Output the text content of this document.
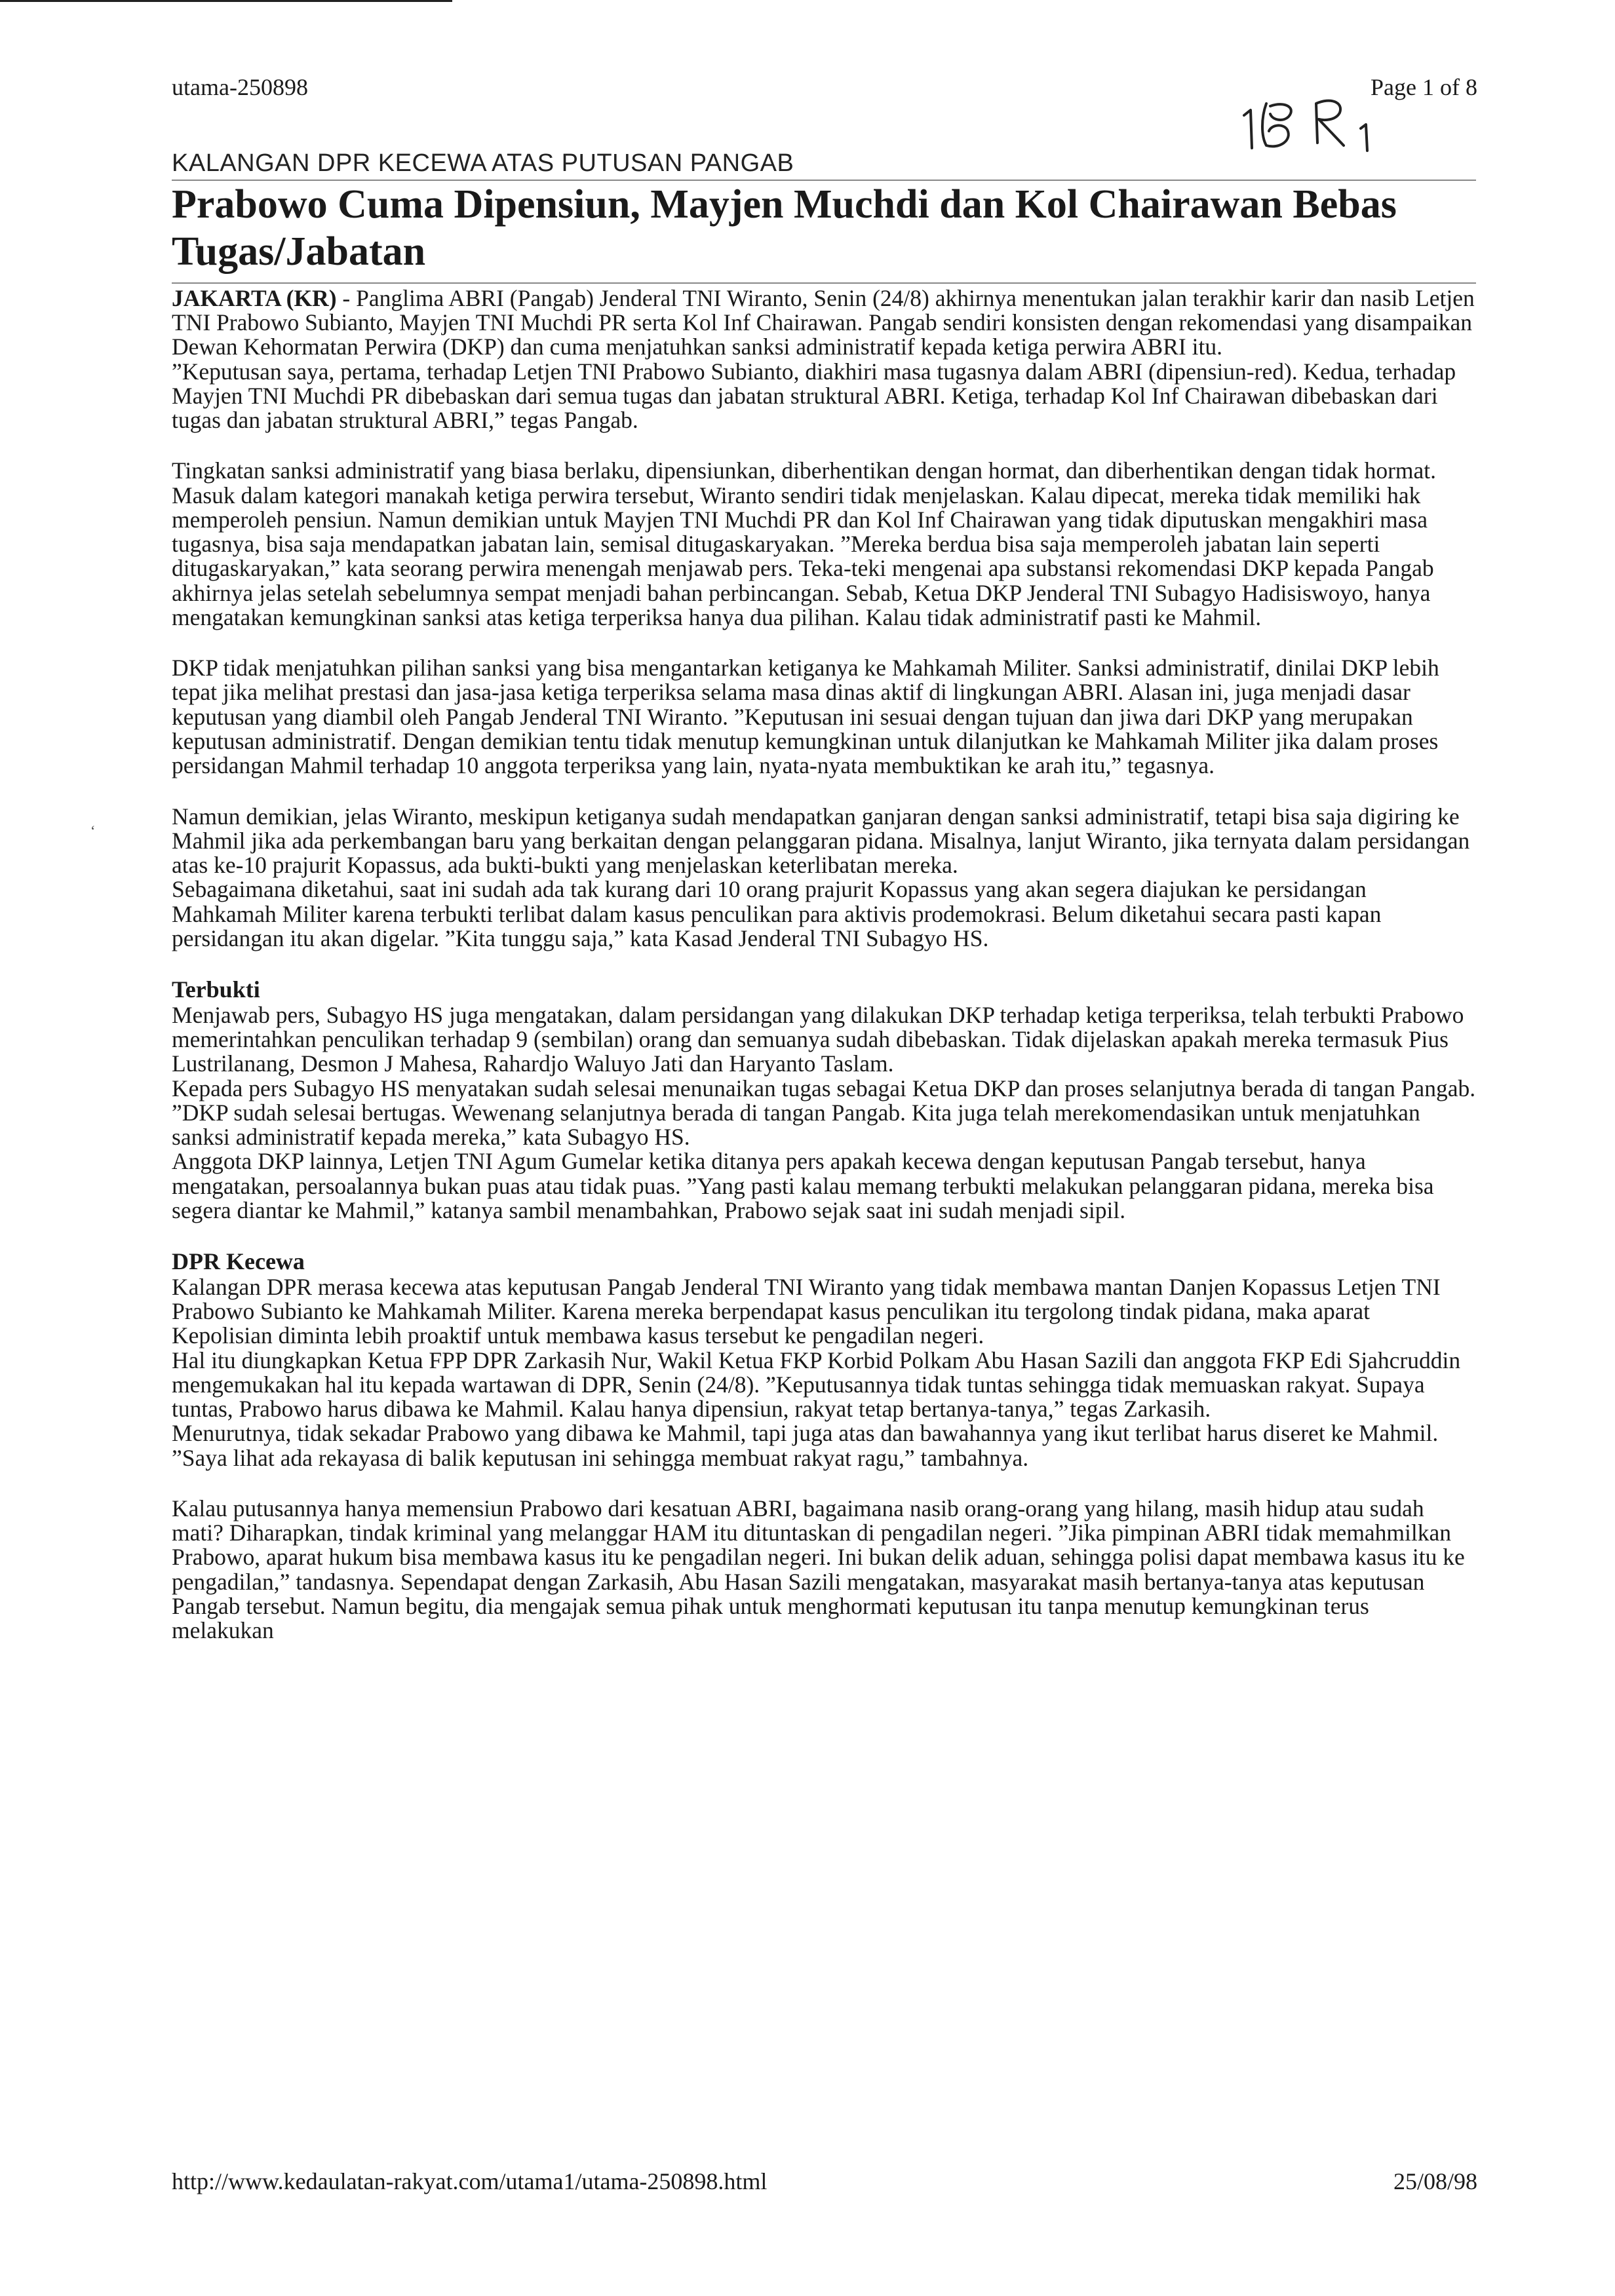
‘
utama-250898	Page 1 of 8
KALANGAN DPR KECEWA ATAS PUTUSAN PANGAB
Prabowo Cuma Dipensiun, Mayjen Muchdi dan Kol Chairawan Bebas Tugas/Jabatan

JAKARTA (KR) - Panglima ABRI (Pangab) Jenderal TNI Wiranto, Senin (24/8) akhirnya menentukan jalan terakhir karir dan nasib Letjen TNI Prabowo Subianto, Mayjen TNI Muchdi PR serta Kol Inf Chairawan. Pangab sendiri konsisten dengan rekomendasi yang disampaikan Dewan Kehormatan Perwira (DKP) dan cuma menjatuhkan sanksi administratif kepada ketiga perwira ABRI itu.

”Keputusan saya, pertama, terhadap Letjen TNI Prabowo Subianto, diakhiri masa tugasnya dalam ABRI (dipensiun-red). Kedua, terhadap Mayjen TNI Muchdi PR dibebaskan dari semua tugas dan jabatan struktural ABRI. Ketiga, terhadap Kol Inf Chairawan dibebaskan dari tugas dan jabatan struktural ABRI,” tegas Pangab.

Tingkatan sanksi administratif yang biasa berlaku, dipensiunkan, diberhentikan dengan hormat, dan diberhentikan dengan tidak hormat. Masuk dalam kategori manakah ketiga perwira tersebut, Wiranto sendiri tidak menjelaskan. Kalau dipecat, mereka tidak memiliki hak memperoleh pensiun. Namun demikian untuk Mayjen TNI Muchdi PR dan Kol Inf Chairawan yang tidak diputuskan mengakhiri masa tugasnya, bisa saja mendapatkan jabatan lain, semisal ditugaskaryakan. ”Mereka berdua bisa saja memperoleh jabatan lain seperti ditugaskaryakan,” kata seorang perwira menengah menjawab pers. Teka-teki mengenai apa substansi rekomendasi DKP kepada Pangab akhirnya jelas setelah sebelumnya sempat menjadi bahan perbincangan. Sebab, Ketua DKP Jenderal TNI Subagyo Hadisiswoyo, hanya mengatakan kemungkinan sanksi atas ketiga terperiksa hanya dua pilihan. Kalau tidak administratif pasti ke Mahmil.

DKP tidak menjatuhkan pilihan sanksi yang bisa mengantarkan ketiganya ke Mahkamah Militer. Sanksi administratif, dinilai DKP lebih tepat jika melihat prestasi dan jasa-jasa ketiga terperiksa selama masa dinas aktif di lingkungan ABRI. Alasan ini, juga menjadi dasar keputusan yang diambil oleh Pangab Jenderal TNI Wiranto. ”Keputusan ini sesuai dengan tujuan dan jiwa dari DKP yang merupakan keputusan administratif. Dengan demikian tentu tidak menutup kemungkinan untuk dilanjutkan ke Mahkamah Militer jika dalam proses persidangan Mahmil terhadap 10 anggota terperiksa yang lain, nyata-nyata membuktikan ke arah itu,” tegasnya.

Namun demikian, jelas Wiranto, meskipun ketiganya sudah mendapatkan ganjaran dengan sanksi administratif, tetapi bisa saja digiring ke Mahmil jika ada perkembangan baru yang berkaitan dengan pelanggaran pidana. Misalnya, lanjut Wiranto, jika ternyata dalam persidangan atas ke-10 prajurit Kopassus, ada bukti-bukti yang menjelaskan keterlibatan mereka.

Sebagaimana diketahui, saat ini sudah ada tak kurang dari 10 orang prajurit Kopassus yang akan segera diajukan ke persidangan Mahkamah Militer karena terbukti terlibat dalam kasus penculikan para aktivis prodemokrasi. Belum diketahui secara pasti kapan persidangan itu akan digelar. ”Kita tunggu saja,” kata Kasad Jenderal TNI Subagyo HS.

Terbukti

Menjawab pers, Subagyo HS juga mengatakan, dalam persidangan yang dilakukan DKP terhadap ketiga terperiksa, telah terbukti Prabowo memerintahkan penculikan terhadap 9 (sembilan) orang dan semuanya sudah dibebaskan. Tidak dijelaskan apakah mereka termasuk Pius Lustrilanang, Desmon J Mahesa, Rahardjo Waluyo Jati dan Haryanto Taslam.

Kepada pers Subagyo HS menyatakan sudah selesai menunaikan tugas sebagai Ketua DKP dan proses selanjutnya berada di tangan Pangab. ”DKP sudah selesai bertugas. Wewenang selanjutnya berada di tangan Pangab. Kita juga telah merekomendasikan untuk menjatuhkan sanksi administratif kepada mereka,” kata Subagyo HS.

Anggota DKP lainnya, Letjen TNI Agum Gumelar ketika ditanya pers apakah kecewa dengan keputusan Pangab tersebut, hanya mengatakan, persoalannya bukan puas atau tidak puas. ”Yang pasti kalau memang terbukti melakukan pelanggaran pidana, mereka bisa segera diantar ke Mahmil,” katanya sambil menambahkan, Prabowo sejak saat ini sudah menjadi sipil.

DPR Kecewa

Kalangan DPR merasa kecewa atas keputusan Pangab Jenderal TNI Wiranto yang tidak membawa mantan Danjen Kopassus Letjen TNI Prabowo Subianto ke Mahkamah Militer. Karena mereka berpendapat kasus penculikan itu tergolong tindak pidana, maka aparat Kepolisian diminta lebih proaktif untuk membawa kasus tersebut ke pengadilan negeri.

Hal itu diungkapkan Ketua FPP DPR Zarkasih Nur, Wakil Ketua FKP Korbid Polkam Abu Hasan Sazili dan anggota FKP Edi Sjahcruddin mengemukakan hal itu kepada wartawan di DPR, Senin (24/8). ”Keputusannya tidak tuntas sehingga tidak memuaskan rakyat. Supaya tuntas, Prabowo harus dibawa ke Mahmil. Kalau hanya dipensiun, rakyat tetap bertanya-tanya,” tegas Zarkasih.

Menurutnya, tidak sekadar Prabowo yang dibawa ke Mahmil, tapi juga atas dan bawahannya yang ikut terlibat harus diseret ke Mahmil. ”Saya lihat ada rekayasa di balik keputusan ini sehingga membuat rakyat ragu,” tambahnya.

Kalau putusannya hanya memensiun Prabowo dari kesatuan ABRI, bagaimana nasib orang-orang yang hilang, masih hidup atau sudah mati? Diharapkan, tindak kriminal yang melanggar HAM itu dituntaskan di pengadilan negeri. ”Jika pimpinan ABRI tidak memahmilkan Prabowo, aparat hukum bisa membawa kasus itu ke pengadilan negeri. Ini bukan delik aduan, sehingga polisi dapat membawa kasus itu ke pengadilan,” tandasnya. Sependapat dengan Zarkasih, Abu Hasan Sazili mengatakan, masyarakat masih bertanya-tanya atas keputusan Pangab tersebut. Namun begitu, dia mengajak semua pihak untuk menghormati keputusan itu tanpa menutup kemungkinan terus melakukan

http://www.kedaulatan-rakyat.com/utama1/utama-250898.html	25/08/98
